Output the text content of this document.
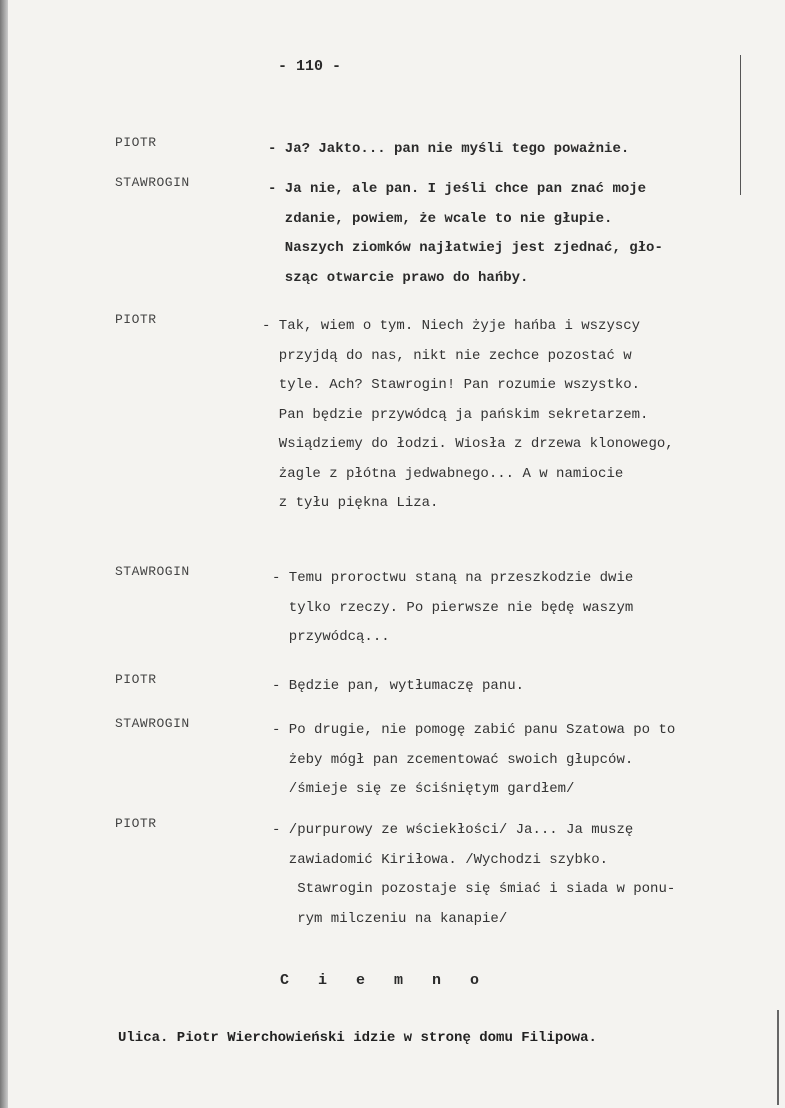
- 110 -
PIOTR	- Ja? Jakto... pan nie myśli tego poważnie.
STAWROGIN	- Ja nie, ale pan. I jeśli chce pan znać moje
zdanie, powiem, że wcale to nie głupie.
Naszych ziomków najłatwiej jest zjednać, gło-
sząc otwarcie prawo do hańby.
PIOTR	- Tak, wiem o tym. Niech żyje hańba i wszyscy
przyjdą do nas, nikt nie zechce pozostać w
tyle. Ach? Stawrogin! Pan rozumie wszystko.
Pan będzie przywódcą ja pańskim sekretarzem.
Wsiądziemy do łodzi. Wiosła z drzewa klonowego,
żagle z płótna jedwabnego... A w namiocie
z tyłu piękna Liza.
STAWROGIN	- Temu proroctwu staną na przeszkodzie dwie
tylko rzeczy. Po pierwsze nie będę waszym
przywódcą...
PIOTR	- Będzie pan, wytłumaczę panu.
STAWROGIN	- Po drugie, nie pomogę zabić panu Szatowa po to
żeby mógł pan zcementować swoich głupców.
/śmieje się ze ściśniętym gardłem/
PIOTR	- /purpurowy ze wściekłości/ Ja... Ja muszę
zawiadomić Kiriłowa. /Wychodzi szybko.
Stawrogin pozostaje się śmiać i siada w ponu-
rym milczeniu na kanapie/
C i e m n o
Ulica. Piotr Wierchowieński idzie w stronę domu Filipowa.
